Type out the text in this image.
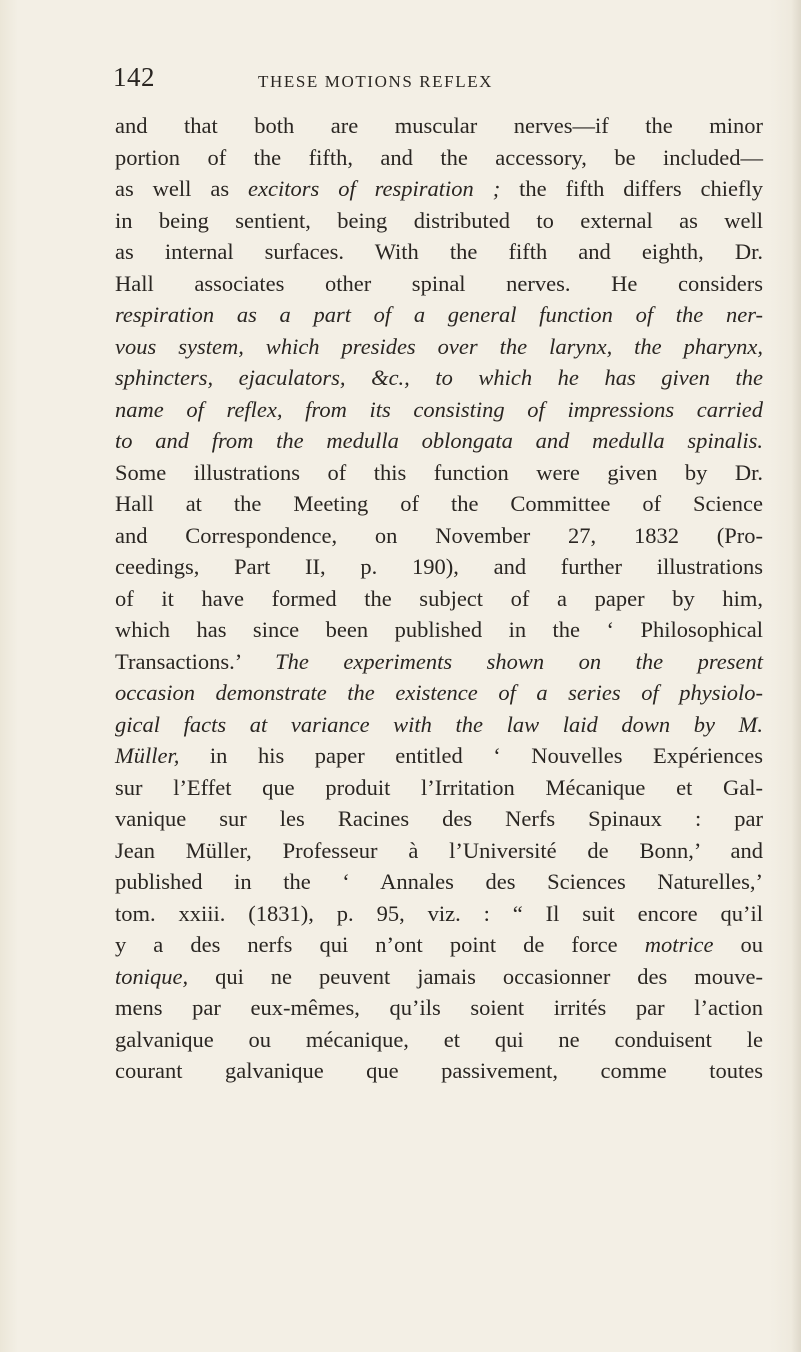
142	THESE MOTIONS REFLEX
and that both are muscular nerves—if the minor
portion of the fifth, and the accessory, be included—
as well as excitors of respiration ; the fifth differs chiefly
in being sentient, being distributed to external as well
as internal surfaces. With the fifth and eighth, Dr.
Hall associates other spinal nerves. He considers
respiration as a part of a general function of the ner-
vous system, which presides over the larynx, the pharynx,
sphincters, ejaculators, &c., to which he has given the
name of reflex, from its consisting of impressions carried
to and from the medulla oblongata and medulla spinalis.
Some illustrations of this function were given by Dr.
Hall at the Meeting of the Committee of Science
and Correspondence, on November 27, 1832 (Pro-
ceedings, Part II, p. 190), and further illustrations
of it have formed the subject of a paper by him,
which has since been published in the ‘ Philosophical
Transactions.’ The experiments shown on the present
occasion demonstrate the existence of a series of physiolo-
gical facts at variance with the law laid down by M.
Müller, in his paper entitled ‘ Nouvelles Expériences
sur l’Effet que produit l’Irritation Mécanique et Gal-
vanique sur les Racines des Nerfs Spinaux : par
Jean Müller, Professeur à l’Université de Bonn,’ and
published in the ‘ Annales des Sciences Naturelles,’
tom. xxiii. (1831), p. 95, viz. : “ Il suit encore qu’il
y a des nerfs qui n’ont point de force motrice ou
tonique, qui ne peuvent jamais occasionner des mouve-
mens par eux-mêmes, qu’ils soient irrités par l’action
galvanique ou mécanique, et qui ne conduisent le
courant galvanique que passivement, comme toutes
